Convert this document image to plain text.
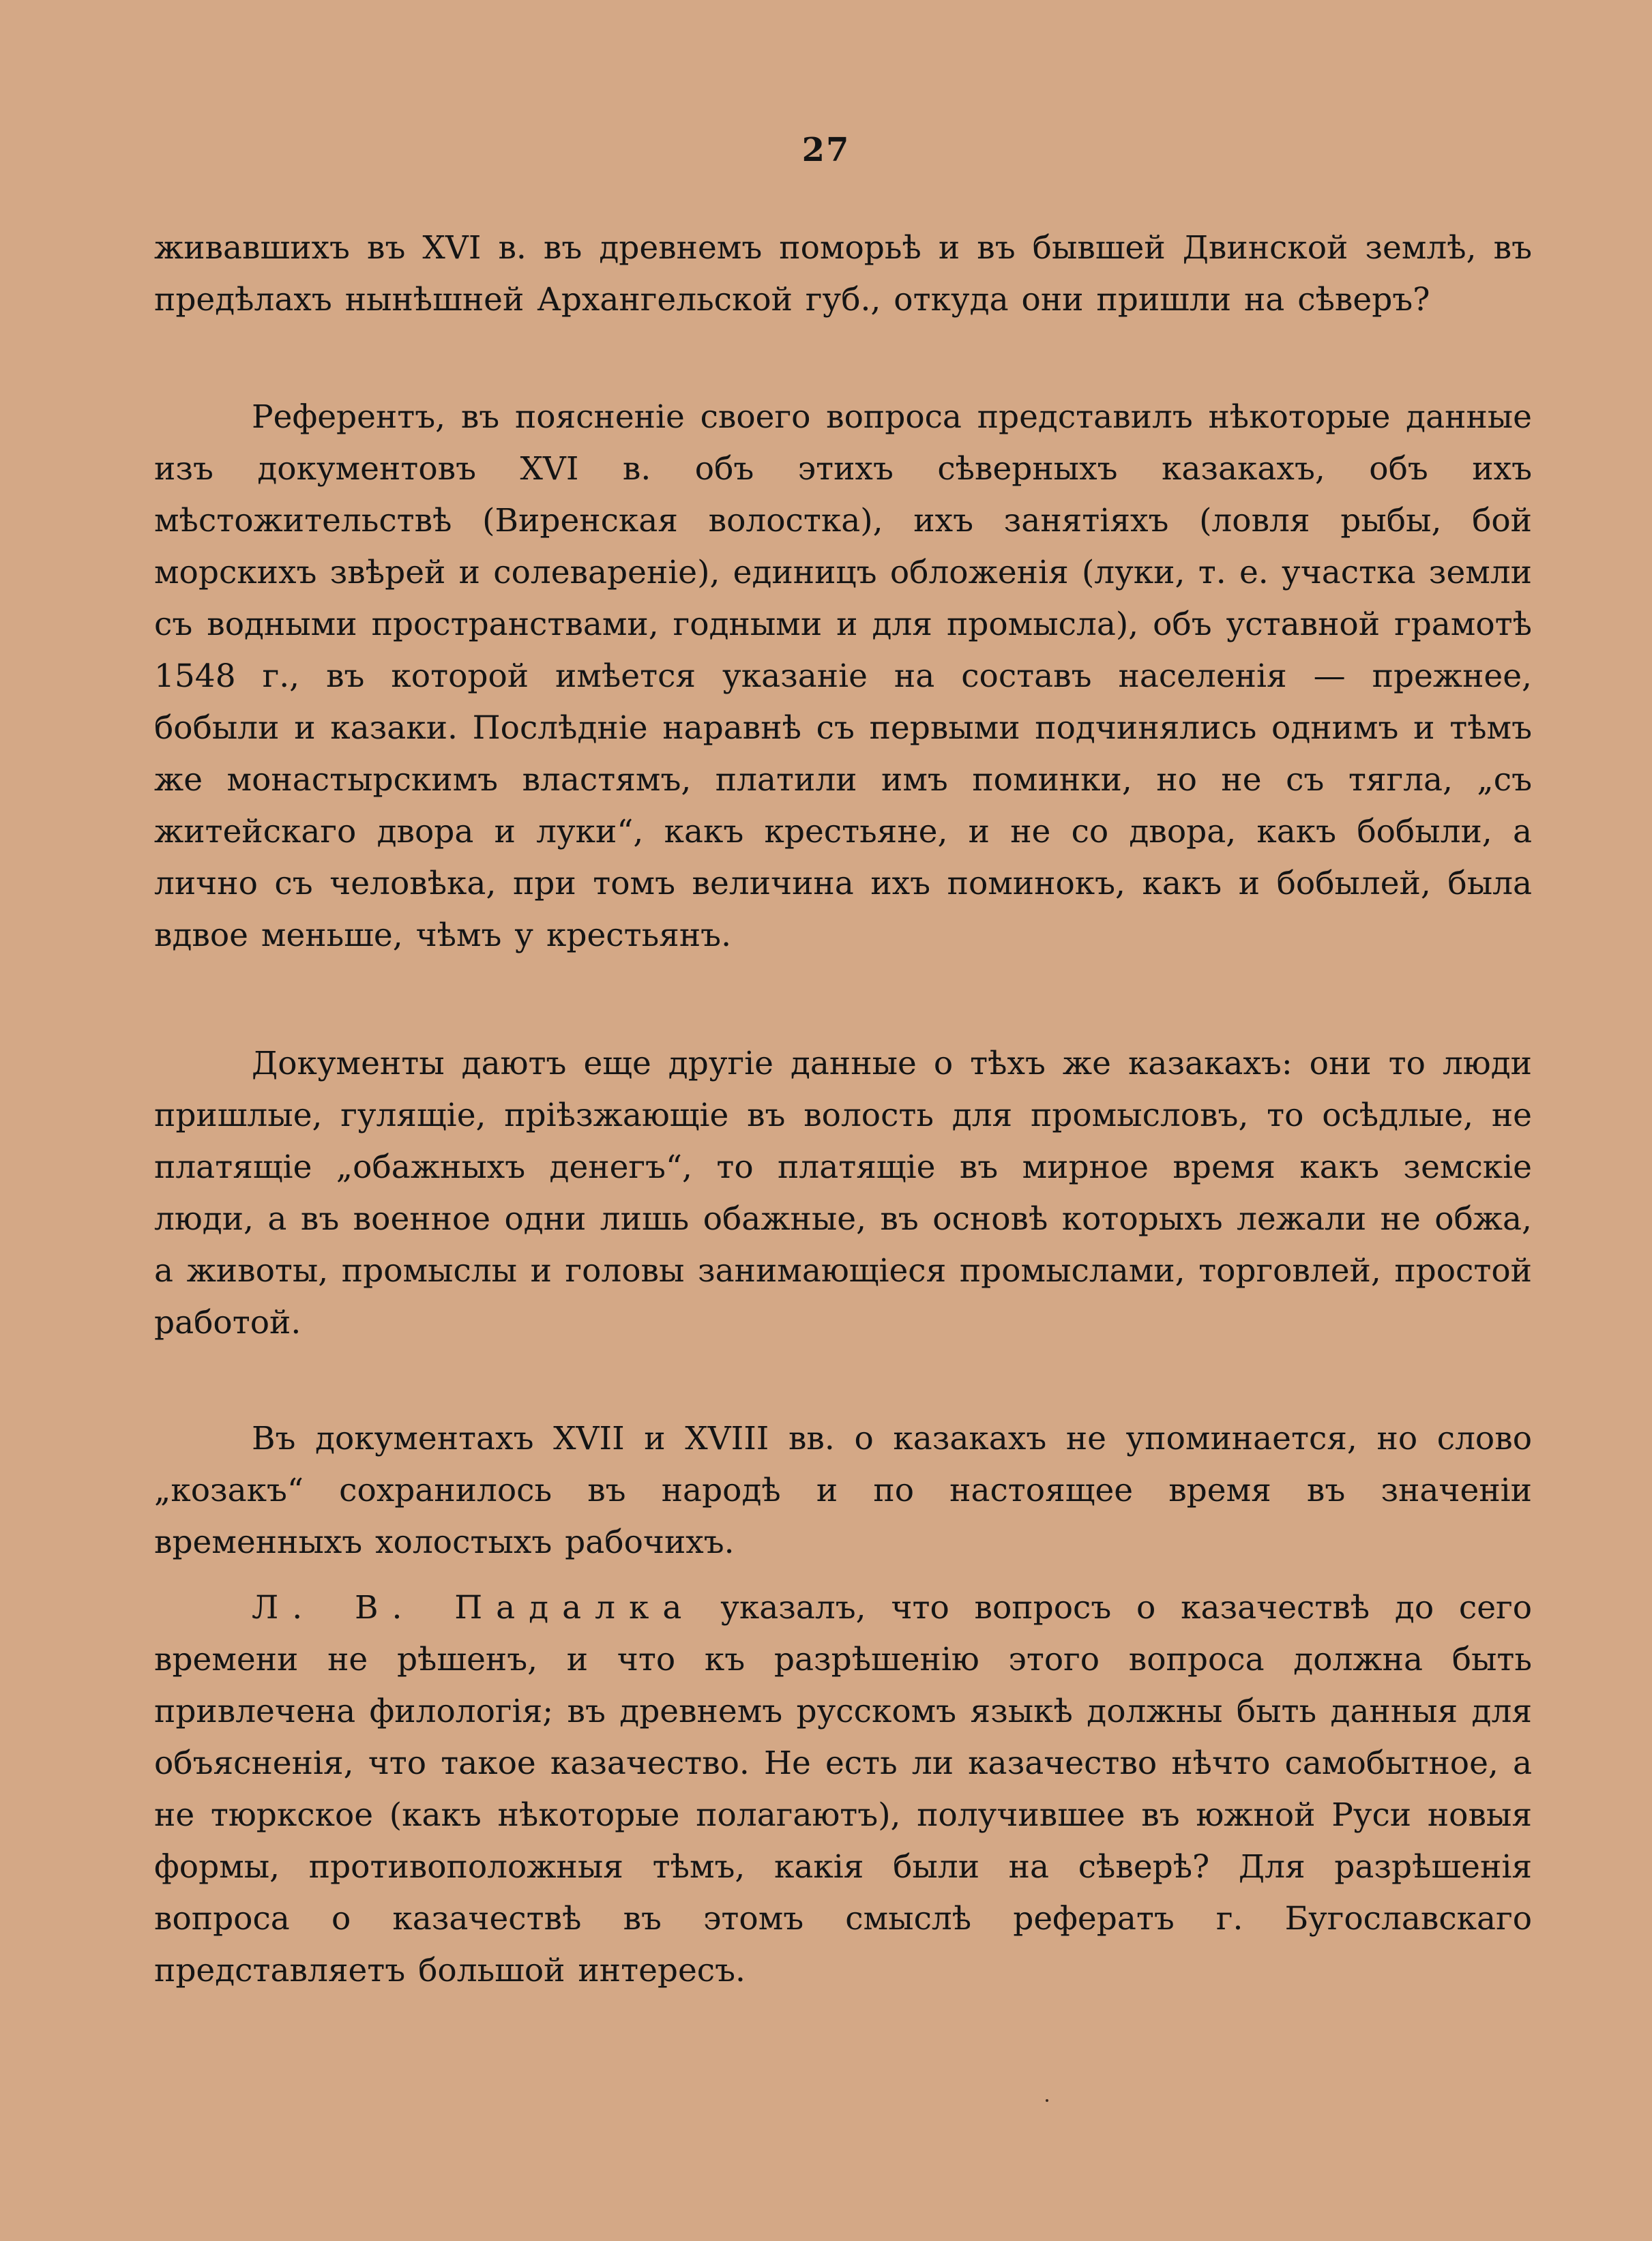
27

живавшихъ въ XVI в. въ древнемъ поморьѣ и въ бывшей Двинской землѣ, въ предѣлахъ нынѣшней Архангельской губ., откуда они пришли на сѣверъ?

Референтъ, въ поясненіе своего вопроса представилъ нѣкоторые данные изъ документовъ XVI в. объ этихъ сѣверныхъ казакахъ, объ ихъ мѣстожительствѣ (Виренская волостка), ихъ занятіяхъ (ловля рыбы, бой морскихъ звѣрей и солевареніе), единицъ обложенія (луки, т. е. участка земли съ водными пространствами, годными и для промысла), объ уставной грамотѣ 1548 г., въ которой имѣется указаніе на составъ населенія — прежнее, бобыли и казаки. Послѣдніе наравнѣ съ первыми подчинялись однимъ и тѣмъ же монастырскимъ властямъ, платили имъ поминки, но не съ тягла, „съ житейскаго двора и луки“, какъ крестьяне, и не со двора, какъ бобыли, а лично съ человѣка, при томъ величина ихъ поминокъ, какъ и бобылей, была вдвое меньше, чѣмъ у крестьянъ.

Документы даютъ еще другіе данные о тѣхъ же казакахъ: они то люди пришлые, гулящіе, пріѣзжающіе въ волость для промысловъ, то осѣдлые, не платящіе „обажныхъ денегъ“, то платящіе въ мирное время какъ земскіе люди, а въ военное одни лишь обажные, въ основѣ которыхъ лежали не обжа, а животы, промыслы и головы занимающіеся промыслами, торговлей, простой работой.

Въ документахъ XVII и XVIII вв. о казакахъ не упоминается, но слово „козакъ“ сохранилось въ народѣ и по настоящее время въ значеніи временныхъ холостыхъ рабочихъ.

Л. В. Падалка указалъ, что вопросъ о казачествѣ до сего времени не рѣшенъ, и что къ разрѣшенію этого вопроса должна быть привлечена филологія; въ древнемъ русскомъ языкѣ должны быть данныя для объясненія, что такое казачество. Не есть ли казачество нѣчто самобытное, а не тюркское (какъ нѣкоторые полагаютъ), получившее въ южной Руси новыя формы, противоположныя тѣмъ, какія были на сѣверѣ? Для разрѣшенія вопроса о казачествѣ въ этомъ смыслѣ рефератъ г. Бугославскаго представляетъ большой интересъ.
